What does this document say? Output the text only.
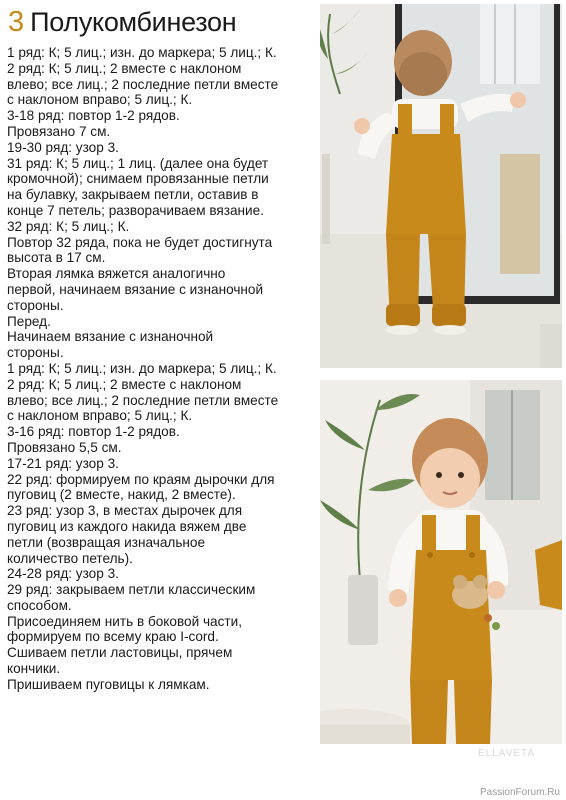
3 Полукомбинезон
1 ряд: К; 5 лиц.; изн. до маркера; 5 лиц.; К.
2 ряд: К; 5 лиц.; 2 вместе с наклоном
влево; все лиц.; 2 последние петли вместе
с наклоном вправо; 5 лиц.; К.
3-18 ряд: повтор 1-2 рядов.
Провязано 7 см.
19-30 ряд: узор 3.
31 ряд: К; 5 лиц.; 1 лиц. (далее она будет
кромочной); снимаем провязанные петли
на булавку, закрываем петли, оставив в
конце 7 петель; разворачиваем вязание.
32 ряд: К; 5 лиц.; К.
Повтор 32 ряда, пока не будет достигнута
высота в 17 см.
Вторая лямка вяжется аналогично
первой, начинаем вязание с изнаночной
стороны.
Перед.
Начинаем вязание с изнаночной
стороны.
1 ряд: К; 5 лиц.; изн. до маркера; 5 лиц.; К.
2 ряд: К; 5 лиц.; 2 вместе с наклоном
влево; все лиц.; 2 последние петли вместе
с наклоном вправо; 5 лиц.; К.
3-16 ряд: повтор 1-2 рядов.
Провязано 5,5 см.
17-21 ряд: узор 3.
22 ряд: формируем по краям дырочки для
пуговиц (2 вместе, накид, 2 вместе).
23 ряд: узор 3, в местах дырочек для
пуговиц из каждого накида вяжем две
петли (возвращая изначальное
количество петель).
24-28 ряд: узор 3.
29 ряд: закрываем петли классическим
способом.
Присоединяем нить в боковой части,
формируем по всему краю I-cord.
Сшиваем петли ластовицы, прячем
кончики.
Пришиваем пуговицы к лямкам.
ELLAVETA
PassionForum.Ru
